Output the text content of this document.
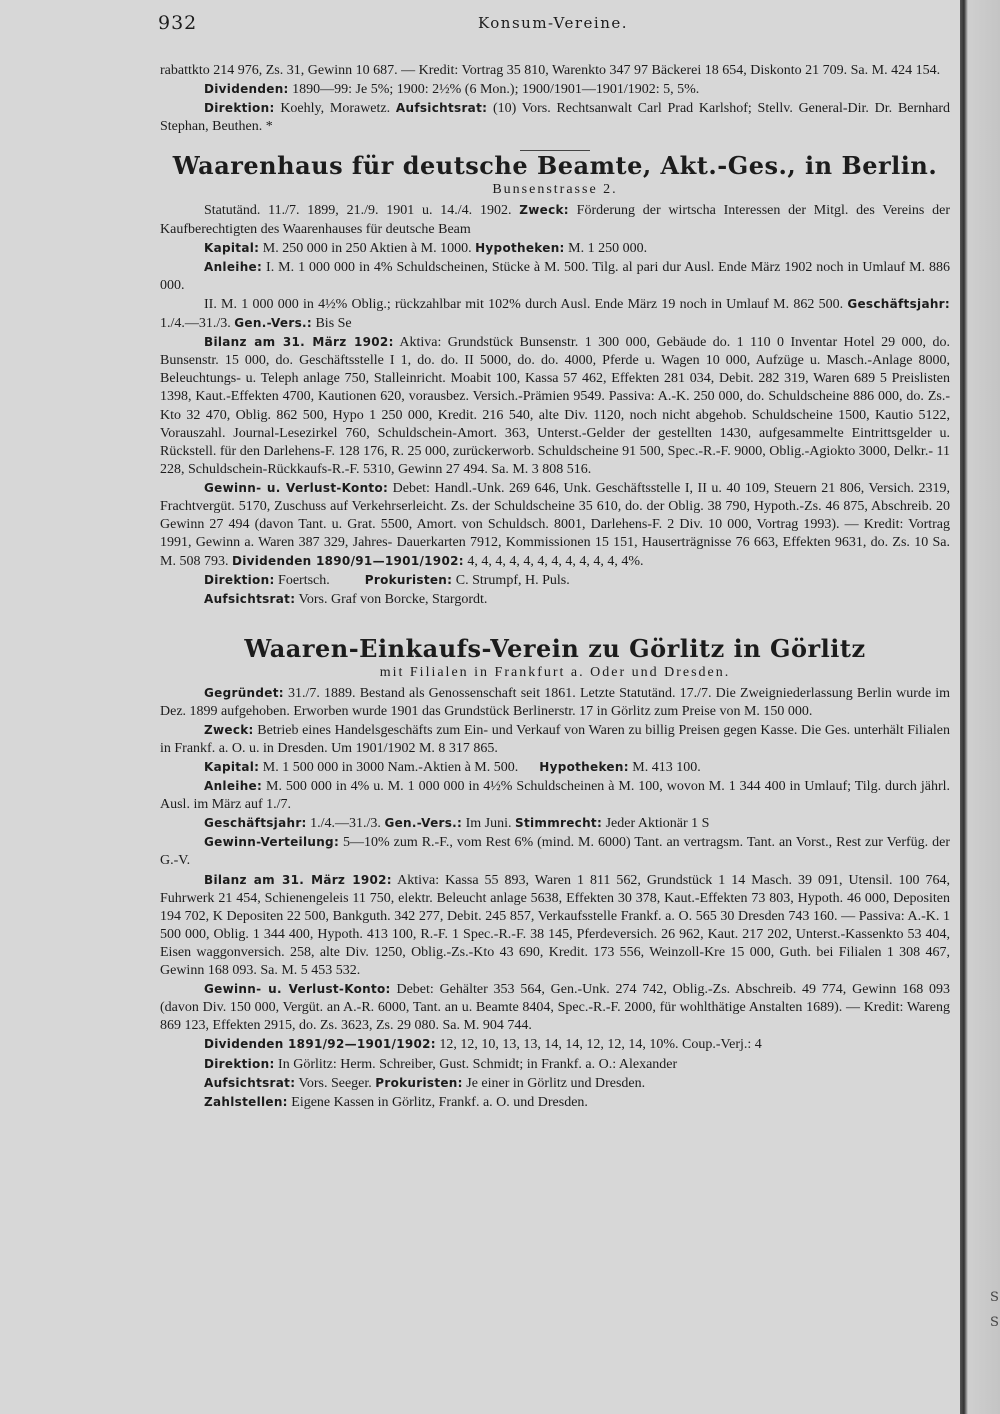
932	Konsum-Vereine.

rabattkto 214 976, Zs. 31, Gewinn 10 687. — Kredit: Vortrag 35 810, Warenkto 347 97 Bäckerei 18 654, Diskonto 21 709. Sa. M. 424 154.

Dividenden: 1890—99: Je 5%; 1900: 2½% (6 Mon.); 1900/1901—1901/1902: 5, 5%.

Direktion: Koehly, Morawetz. Aufsichtsrat: (10) Vors. Rechtsanwalt Carl Prad Karlshof; Stellv. General-Dir. Dr. Bernhard Stephan, Beuthen. *

Waarenhaus für deutsche Beamte, Akt.-Ges., in Berlin.
Bunsenstrasse 2.

Statutänd. 11./7. 1899, 21./9. 1901 u. 14./4. 1902. Zweck: Förderung der wirtscha Interessen der Mitgl. des Vereins der Kaufberechtigten des Waarenhauses für deutsche Beam

Kapital: M. 250 000 in 250 Aktien à M. 1000. Hypotheken: M. 1 250 000.

Anleihe: I. M. 1 000 000 in 4% Schuldscheinen, Stücke à M. 500. Tilg. al pari dur Ausl. Ende März 1902 noch in Umlauf M. 886 000.

II. M. 1 000 000 in 4½% Oblig.; rückzahlbar mit 102% durch Ausl. Ende März 19 noch in Umlauf M. 862 500. Geschäftsjahr: 1./4.—31./3. Gen.-Vers.: Bis Se

Bilanz am 31. März 1902: Aktiva: Grundstück Bunsenstr. 1 300 000, Gebäude do. 1 110 0 Inventar Hotel 29 000, do. Bunsenstr. 15 000, do. Geschäftsstelle I 1, do. do. II 5000, do. do. 4000, Pferde u. Wagen 10 000, Aufzüge u. Masch.-Anlage 8000, Beleuchtungs- u. Teleph anlage 750, Stalleinricht. Moabit 100, Kassa 57 462, Effekten 281 034, Debit. 282 319, Waren 689 5 Preislisten 1398, Kaut.-Effekten 4700, Kautionen 620, vorausbez. Versich.-Prämien 9549. Passiva: A.-K. 250 000, do. Schuldscheine 886 000, do. Zs.-Kto 32 470, Oblig. 862 500, Hypo 1 250 000, Kredit. 216 540, alte Div. 1120, noch nicht abgehob. Schuldscheine 1500, Kautio 5122, Vorauszahl. Journal-Lesezirkel 760, Schuldschein-Amort. 363, Unterst.-Gelder der gestellten 1430, aufgesammelte Eintrittsgelder u. Rückstell. für den Darlehens-F. 128 176, R. 25 000, zurückerworb. Schuldscheine 91 500, Spec.-R.-F. 9000, Oblig.-Agiokto 3000, Delkr.- 11 228, Schuldschein-Rückkaufs-R.-F. 5310, Gewinn 27 494. Sa. M. 3 808 516.

Gewinn- u. Verlust-Konto: Debet: Handl.-Unk. 269 646, Unk. Geschäftsstelle I, II u. 40 109, Steuern 21 806, Versich. 2319, Frachtvergüt. 5170, Zuschuss auf Verkehrserleicht. Zs. der Schuldscheine 35 610, do. der Oblig. 38 790, Hypoth.-Zs. 46 875, Abschreib. 20 Gewinn 27 494 (davon Tant. u. Grat. 5500, Amort. von Schuldsch. 8001, Darlehens-F. 2 Div. 10 000, Vortrag 1993). — Kredit: Vortrag 1991, Gewinn a. Waren 387 329, Jahres- Dauerkarten 7912, Kommissionen 15 151, Hauserträgnisse 76 663, Effekten 9631, do. Zs. 10 Sa. M. 508 793. Dividenden 1890/91—1901/1902: 4, 4, 4, 4, 4, 4, 4, 4, 4, 4, 4, 4%.

Direktion: Foertsch.	Prokuristen: C. Strumpf, H. Puls.

Aufsichtsrat: Vors. Graf von Borcke, Stargordt.

Waaren-Einkaufs-Verein zu Görlitz in Görlitz
mit Filialen in Frankfurt a. Oder und Dresden.

Gegründet: 31./7. 1889. Bestand als Genossenschaft seit 1861. Letzte Statutänd. 17./7. Die Zweigniederlassung Berlin wurde im Dez. 1899 aufgehoben. Erworben wurde 1901 das Grundstück Berlinerstr. 17 in Görlitz zum Preise von M. 150 000.

Zweck: Betrieb eines Handelsgeschäfts zum Ein- und Verkauf von Waren zu billig Preisen gegen Kasse. Die Ges. unterhält Filialen in Frankf. a. O. u. in Dresden. Um 1901/1902 M. 8 317 865.

Kapital: M. 1 500 000 in 3000 Nam.-Aktien à M. 500. Hypotheken: M. 413 100.

Anleihe: M. 500 000 in 4% u. M. 1 000 000 in 4½% Schuldscheinen à M. 100, wovon M. 1 344 400 in Umlauf; Tilg. durch jährl. Ausl. im März auf 1./7.

Geschäftsjahr: 1./4.—31./3. Gen.-Vers.: Im Juni. Stimmrecht: Jeder Aktionär 1 S

Gewinn-Verteilung: 5—10% zum R.-F., vom Rest 6% (mind. M. 6000) Tant. an vertragsm. Tant. an Vorst., Rest zur Verfüg. der G.-V.

Bilanz am 31. März 1902: Aktiva: Kassa 55 893, Waren 1 811 562, Grundstück 1 14 Masch. 39 091, Utensil. 100 764, Fuhrwerk 21 454, Schienengeleis 11 750, elektr. Beleucht anlage 5638, Effekten 30 378, Kaut.-Effekten 73 803, Hypoth. 46 000, Depositen 194 702, K Depositen 22 500, Bankguth. 342 277, Debit. 245 857, Verkaufsstelle Frankf. a. O. 565 30 Dresden 743 160. — Passiva: A.-K. 1 500 000, Oblig. 1 344 400, Hypoth. 413 100, R.-F. 1 Spec.-R.-F. 38 145, Pferdeversich. 26 962, Kaut. 217 202, Unterst.-Kassenkto 53 404, Eisen waggonversich. 258, alte Div. 1250, Oblig.-Zs.-Kto 43 690, Kredit. 173 556, Weinzoll-Kre 15 000, Guth. bei Filialen 1 308 467, Gewinn 168 093. Sa. M. 5 453 532.

Gewinn- u. Verlust-Konto: Debet: Gehälter 353 564, Gen.-Unk. 274 742, Oblig.-Zs. Abschreib. 49 774, Gewinn 168 093 (davon Div. 150 000, Vergüt. an A.-R. 6000, Tant. an u. Beamte 8404, Spec.-R.-F. 2000, für wohlthätige Anstalten 1689). — Kredit: Wareng 869 123, Effekten 2915, do. Zs. 3623, Zs. 29 080. Sa. M. 904 744.

Dividenden 1891/92—1901/1902: 12, 12, 10, 13, 13, 14, 14, 12, 12, 14, 10%. Coup.-Verj.: 4

Direktion: In Görlitz: Herm. Schreiber, Gust. Schmidt; in Frankf. a. O.: Alexander

Aufsichtsrat: Vors. Seeger. Prokuristen: Je einer in Görlitz und Dresden.

Zahlstellen: Eigene Kassen in Görlitz, Frankf. a. O. und Dresden.

S
S
